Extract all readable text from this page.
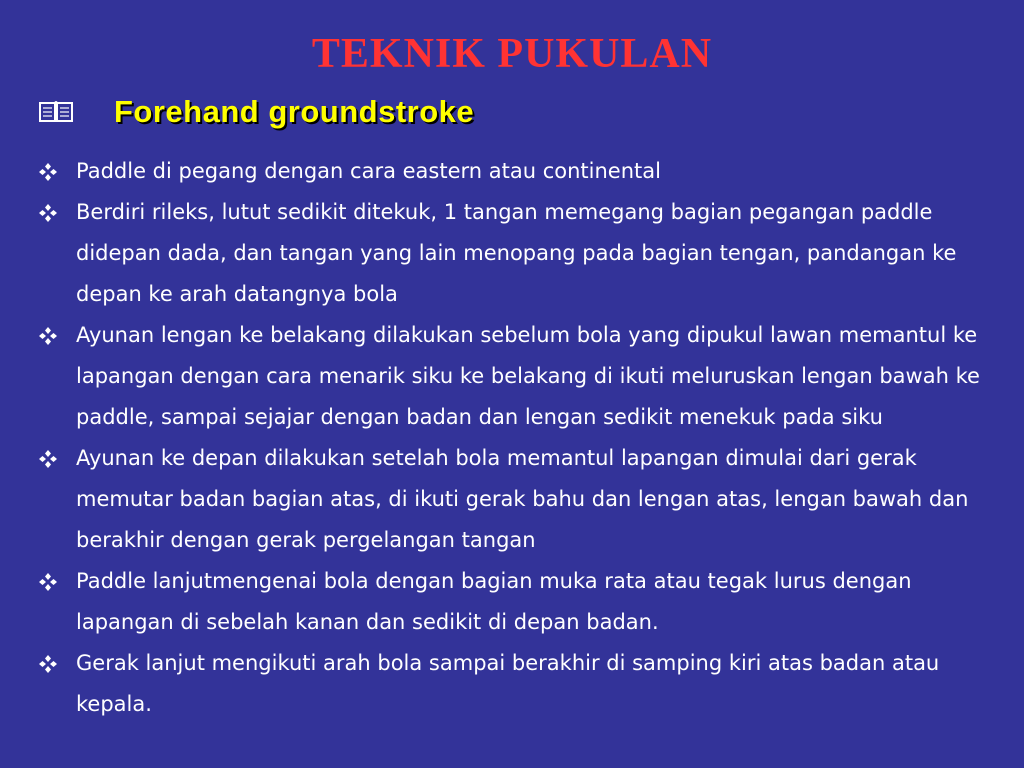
TEKNIK PUKULAN
Forehand groundstroke
Paddle di pegang dengan cara eastern atau continental
Berdiri rileks, lutut sedikit ditekuk, 1 tangan memegang bagian pegangan paddle didepan dada, dan tangan yang lain menopang pada bagian tengan, pandangan ke depan ke arah datangnya bola
Ayunan lengan ke belakang dilakukan sebelum bola yang dipukul lawan memantul ke lapangan dengan cara menarik siku ke belakang di ikuti meluruskan lengan bawah ke paddle, sampai sejajar dengan badan dan lengan sedikit menekuk pada siku
Ayunan ke depan dilakukan setelah bola memantul lapangan dimulai dari gerak memutar badan bagian atas, di ikuti gerak bahu dan lengan atas, lengan bawah dan berakhir dengan gerak pergelangan tangan
Paddle lanjutmengenai bola dengan bagian muka rata atau tegak lurus dengan lapangan di sebelah kanan dan sedikit di depan badan.
Gerak lanjut mengikuti arah bola sampai berakhir di samping kiri atas badan atau kepala.
